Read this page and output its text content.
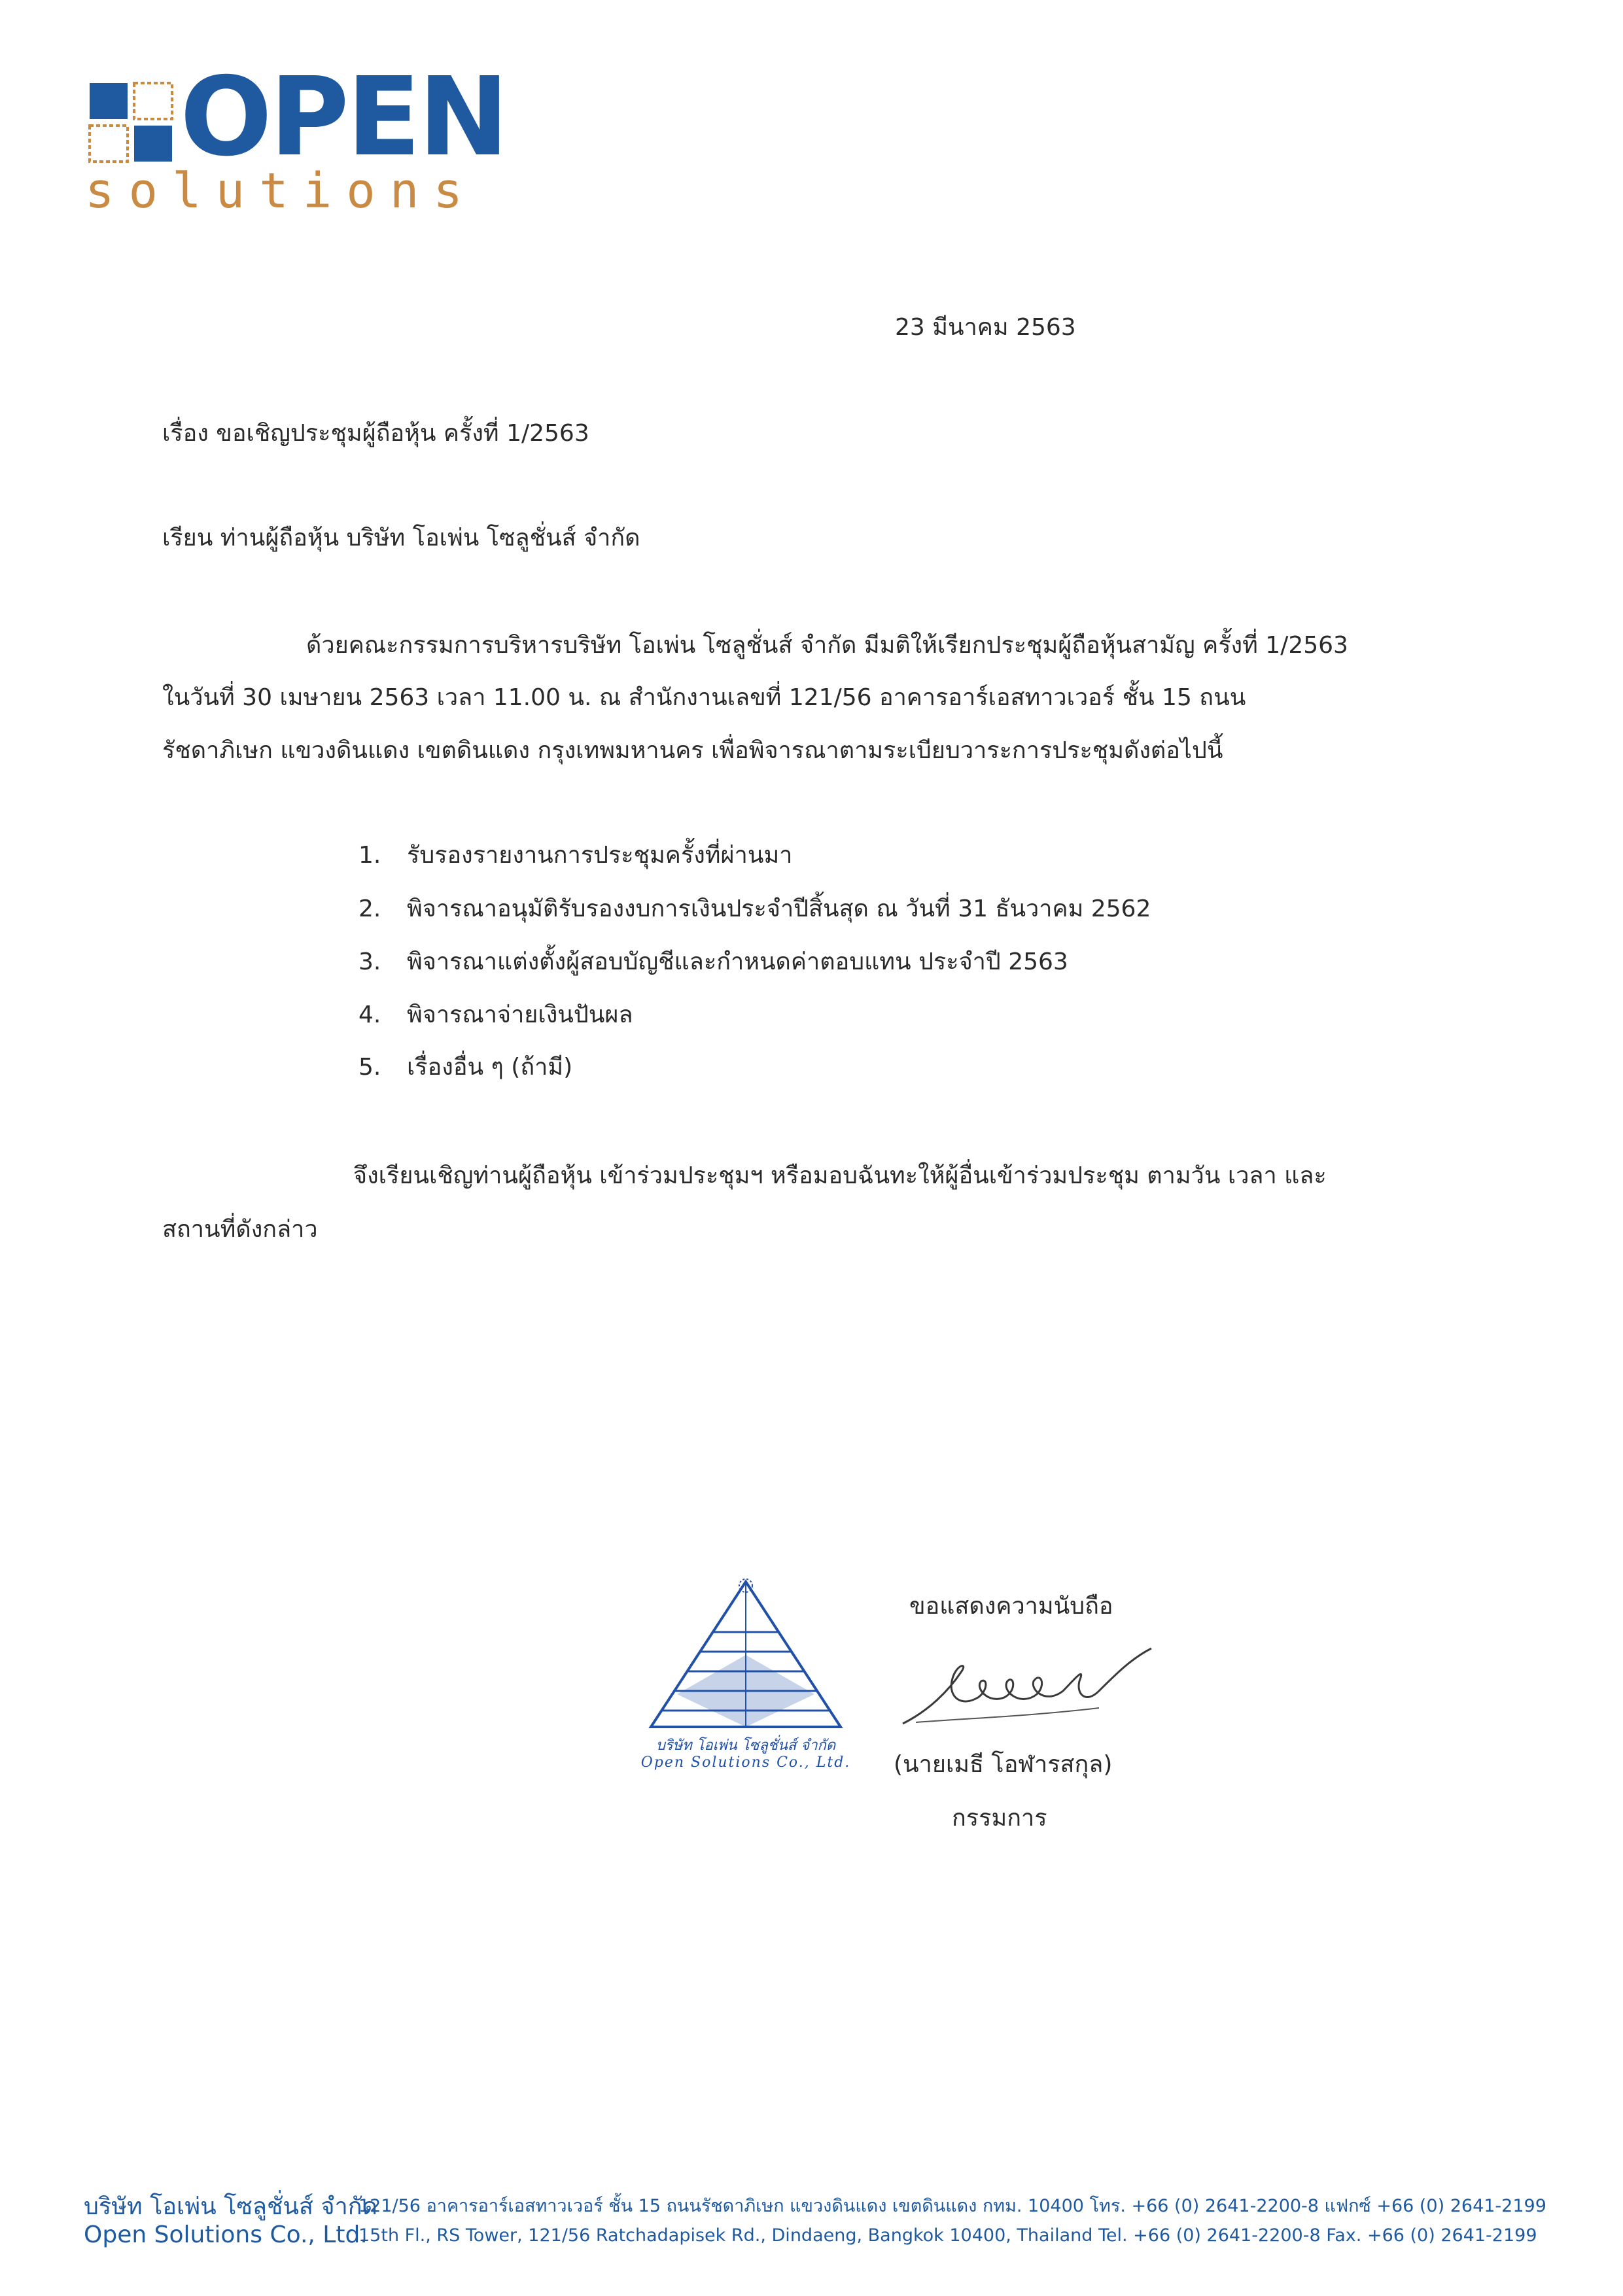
OPEN
solutions
23 มีนาคม 2563
เรื่อง ขอเชิญประชุมผู้ถือหุ้น ครั้งที่ 1/2563
เรียน ท่านผู้ถือหุ้น บริษัท โอเพ่น โซลูชั่นส์ จำกัด
ด้วยคณะกรรมการบริหารบริษัท โอเพ่น โซลูชั่นส์ จำกัด มีมติให้เรียกประชุมผู้ถือหุ้นสามัญ ครั้งที่ 1/2563
ในวันที่ 30 เมษายน 2563 เวลา 11.00 น. ณ สำนักงานเลขที่ 121/56 อาคารอาร์เอสทาวเวอร์ ชั้น 15 ถนน
รัชดาภิเษก แขวงดินแดง เขตดินแดง กรุงเทพมหานคร เพื่อพิจารณาตามระเบียบวาระการประชุมดังต่อไปนี้
1. รับรองรายงานการประชุมครั้งที่ผ่านมา
2. พิจารณาอนุมัติรับรองงบการเงินประจำปีสิ้นสุด ณ วันที่ 31 ธันวาคม 2562
3. พิจารณาแต่งตั้งผู้สอบบัญชีและกำหนดค่าตอบแทน ประจำปี 2563
4. พิจารณาจ่ายเงินปันผล
5. เรื่องอื่น ๆ (ถ้ามี)
จึงเรียนเชิญท่านผู้ถือหุ้น เข้าร่วมประชุมฯ หรือมอบฉันทะให้ผู้อื่นเข้าร่วมประชุม ตามวัน เวลา และ
สถานที่ดังกล่าว
ขอแสดงความนับถือ
บริษัท โอเพ่น โซลูชั่นส์ จำกัด
Open Solutions Co., Ltd. (นายเมธี โอฬารสกุล)
กรรมการ
บริษัท โอเพ่น โซลูชั่นส์ จำกัด
121/56 อาคารอาร์เอสทาวเวอร์ ชั้น 15 ถนนรัชดาภิเษก แขวงดินแดง เขตดินแดง กทม. 10400 โทร. +66 (0) 2641-2200-8 แฟกซ์ +66 (0) 2641-2199
Open Solutions Co., Ltd.
15th Fl., RS Tower, 121/56 Ratchadapisek Rd., Dindaeng, Bangkok 10400, Thailand Tel. +66 (0) 2641-2200-8 Fax. +66 (0) 2641-2199
